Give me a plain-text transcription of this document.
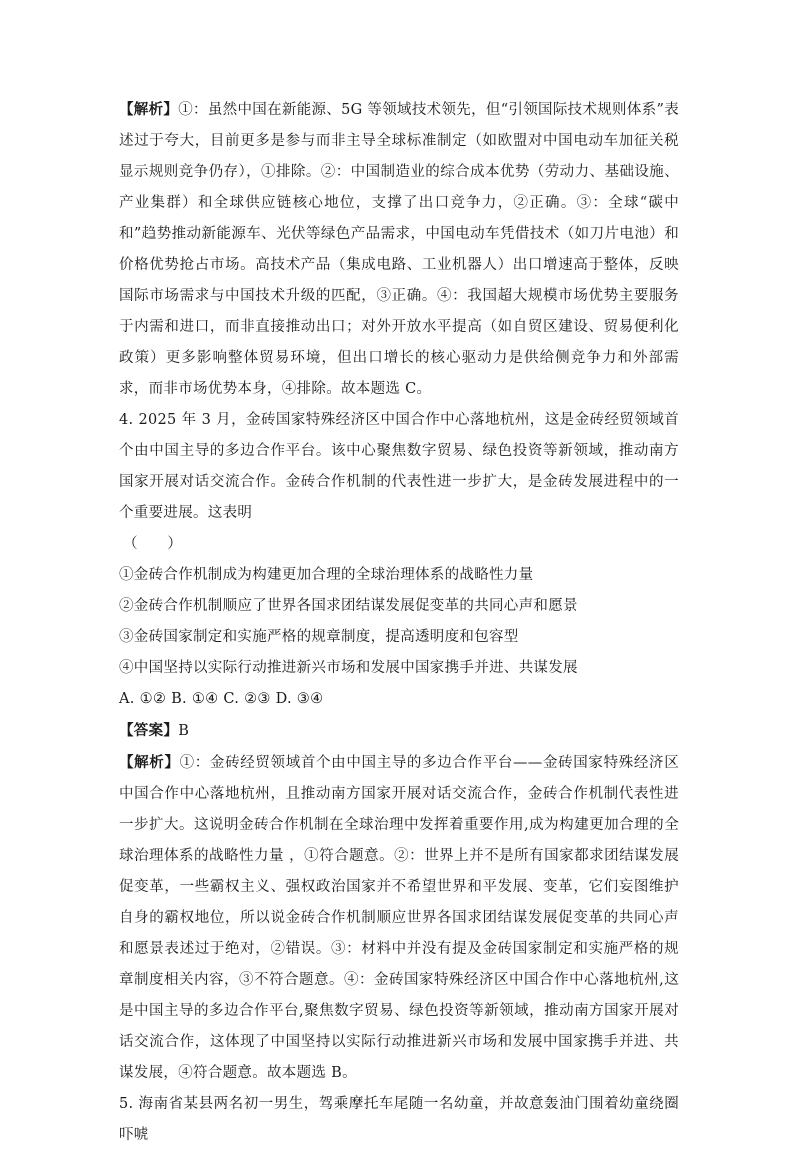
【解析】①：虽然中国在新能源、5G 等领域技术领先，但“引领国际技术规则体系”表述过于夸大，目前更多是参与而非主导全球标准制定（如欧盟对中国电动车加征关税显示规则竞争仍存），①排除。②：中国制造业的综合成本优势（劳动力、基础设施、产业集群）和全球供应链核心地位，支撑了出口竞争力，②正确。③：全球“碳中和”趋势推动新能源车、光伏等绿色产品需求，中国电动车凭借技术（如刀片电池）和价格优势抢占市场。高技术产品（集成电路、工业机器人）出口增速高于整体，反映国际市场需求与中国技术升级的匹配，③正确。④：我国超大规模市场优势主要服务于内需和进口，而非直接推动出口；对外开放水平提高（如自贸区建设、贸易便利化政策）更多影响整体贸易环境，但出口增长的核心驱动力是供给侧竞争力和外部需求，而非市场优势本身，④排除。故本题选 C。

4. 2025 年 3 月，金砖国家特殊经济区中国合作中心落地杭州，这是金砖经贸领域首个由中国主导的多边合作平台。该中心聚焦数字贸易、绿色投资等新领域，推动南方国家开展对话交流合作。金砖合作机制的代表性进一步扩大，是金砖发展进程中的一个重要进展。这表明

（　　）

①金砖合作机制成为构建更加合理的全球治理体系的战略性力量

②金砖合作机制顺应了世界各国求团结谋发展促变革的共同心声和愿景

③金砖国家制定和实施严格的规章制度，提高透明度和包容型

④中国坚持以实际行动推进新兴市场和发展中国家携手并进、共谋发展

A. ①② B. ①④ C. ②③ D. ③④

【答案】B

【解析】①：金砖经贸领域首个由中国主导的多边合作平台——金砖国家特殊经济区中国合作中心落地杭州，且推动南方国家开展对话交流合作，金砖合作机制代表性进一步扩大。这说明金砖合作机制在全球治理中发挥着重要作用,成为构建更加合理的全球治理体系的战略性力量 ，①符合题意。②：世界上并不是所有国家都求团结谋发展促变革，一些霸权主义、强权政治国家并不希望世界和平发展、变革，它们妄图维护自身的霸权地位，所以说金砖合作机制顺应世界各国求团结谋发展促变革的共同心声和愿景表述过于绝对，②错误。③：材料中并没有提及金砖国家制定和实施严格的规章制度相关内容，③不符合题意。④：金砖国家特殊经济区中国合作中心落地杭州,这是中国主导的多边合作平台,聚焦数字贸易、绿色投资等新领域，推动南方国家开展对话交流合作，这体现了中国坚持以实际行动推进新兴市场和发展中国家携手并进、共谋发展，④符合题意。故本题选 B。

5. 海南省某县两名初一男生，驾乘摩托车尾随一名幼童，并故意轰油门围着幼童绕圈吓唬
